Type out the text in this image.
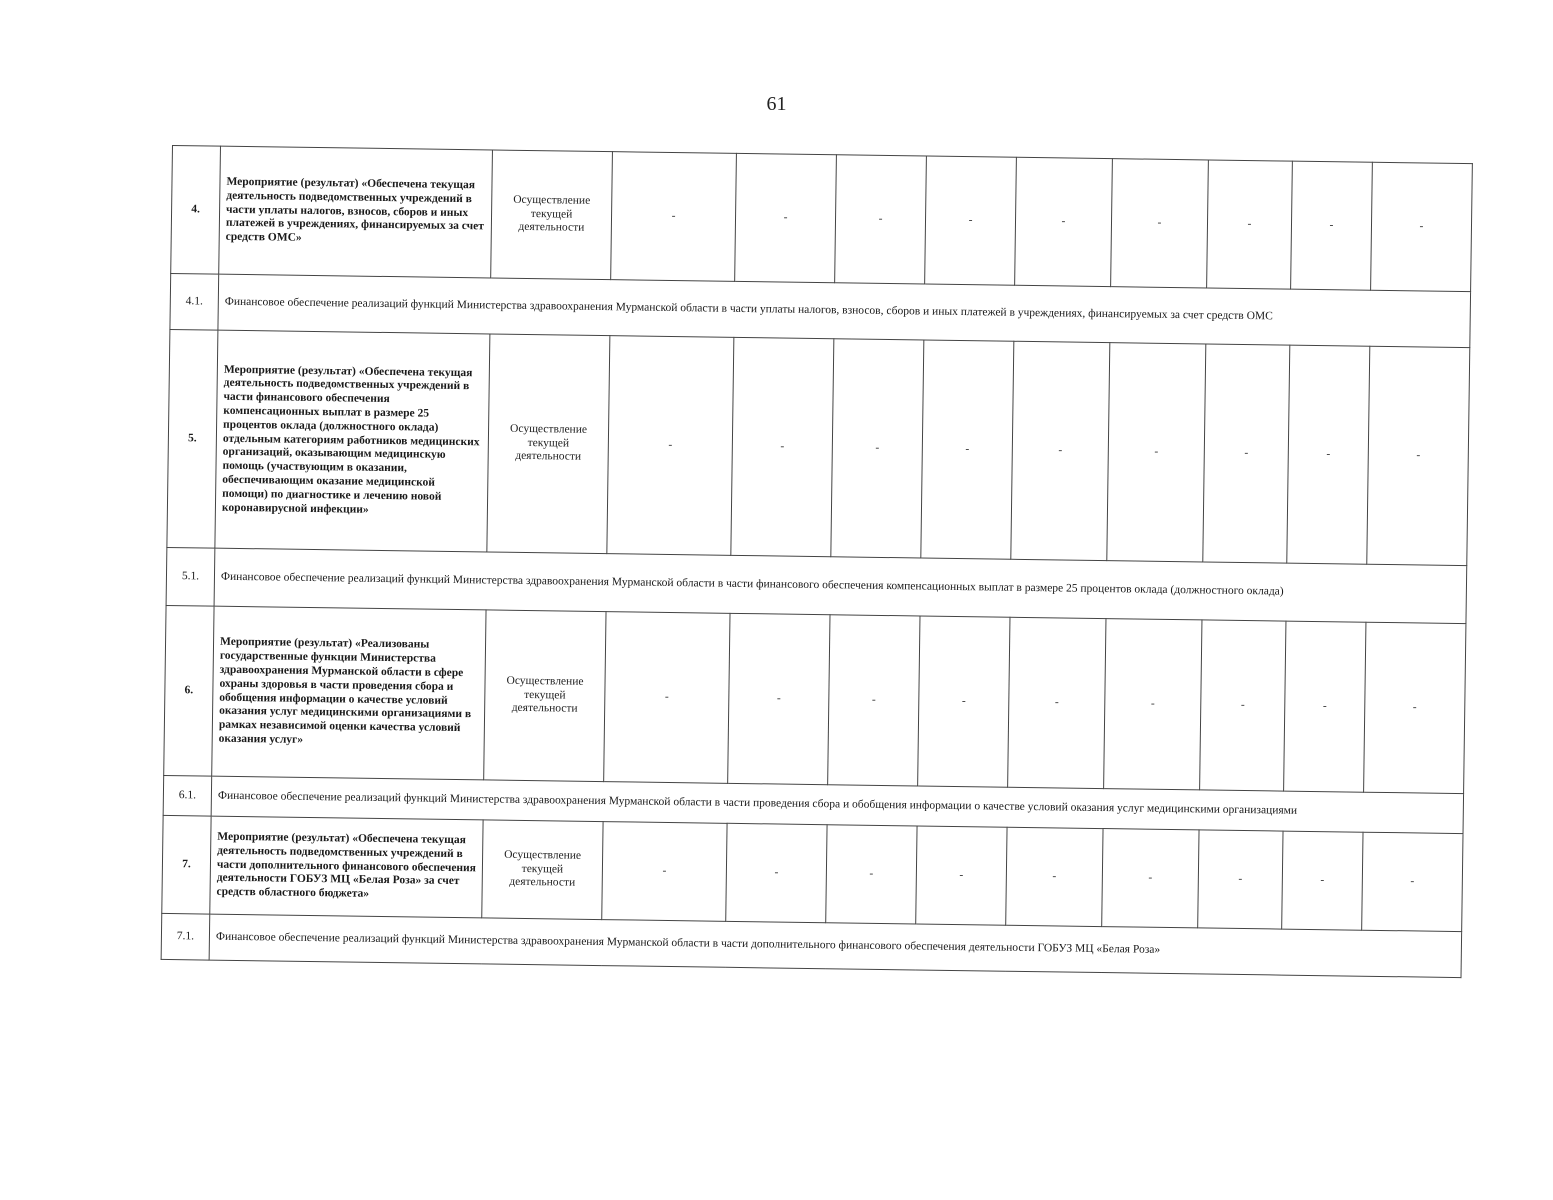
61
4.	Мероприятие (результат) «Обеспечена текущая деятельность подведомственных учреждений в части уплаты налогов, взносов, сборов и иных платежей в учреждениях, финансируемых за счет средств ОМС»	Осуществление текущей деятельности	-	-	-	-	-	-	-	-	-
4.1.	Финансовое обеспечение реализаций функций Министерства здравоохранения Мурманской области в части уплаты налогов, взносов, сборов и иных платежей в учреждениях, финансируемых за счет средств ОМС										
5.	Мероприятие (результат) «Обеспечена текущая деятельность подведомственных учреждений в части финансового обеспечения компенсационных выплат в размере 25 процентов оклада (должностного оклада) отдельным категориям работников медицинских организаций, оказывающим медицинскую помощь (участвующим в оказании, обеспечивающим оказание медицинской помощи) по диагностике и лечению новой коронавирусной инфекции»	Осуществление текущей деятельности	-	-	-	-	-	-	-	-	-
5.1.	Финансовое обеспечение реализаций функций Министерства здравоохранения Мурманской области в части финансового обеспечения компенсационных выплат в размере 25 процентов оклада (должностного оклада)										
6.	Мероприятие (результат) «Реализованы государственные функции Министерства здравоохранения Мурманской области в сфере охраны здоровья в части проведения сбора и обобщения информации о качестве условий оказания услуг медицинскими организациями в рамках независимой оценки качества условий оказания услуг»	Осуществление текущей деятельности	-	-	-	-	-	-	-	-	-
6.1.	Финансовое обеспечение реализаций функций Министерства здравоохранения Мурманской области в части проведения сбора и обобщения информации о качестве условий оказания услуг медицинскими организациями										
7.	Мероприятие (результат) «Обеспечена текущая деятельность подведомственных учреждений в части дополнительного финансового обеспечения деятельности ГОБУЗ МЦ «Белая Роза» за счет средств областного бюджета»	Осуществление текущей деятельности	-	-	-	-	-	-	-	-	-
7.1.	Финансовое обеспечение реализаций функций Министерства здравоохранения Мурманской области в части дополнительного финансового обеспечения деятельности ГОБУЗ МЦ «Белая Роза»										
